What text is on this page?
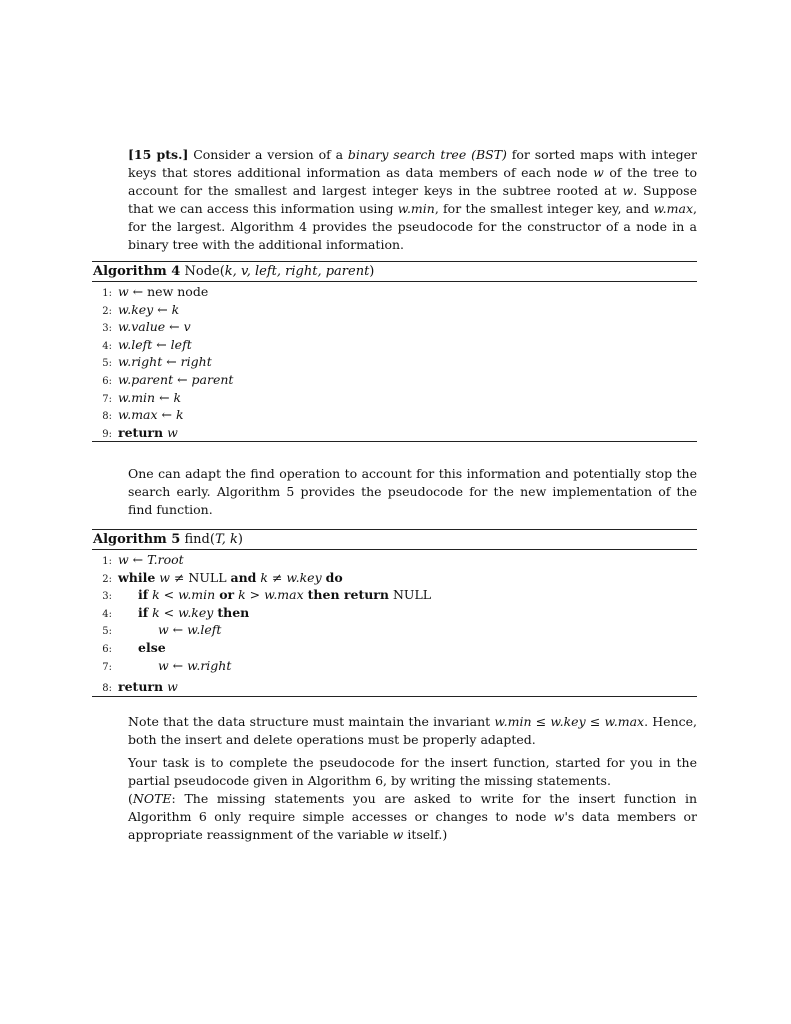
[15 pts.] Consider a version of a binary search tree (BST) for sorted maps with integer keys that stores additional information as data members of each node w of the tree to account for the smallest and largest integer keys in the subtree rooted at w. Suppose that we can access this information using w.min, for the smallest integer key, and w.max, for the largest. Algorithm 4 provides the pseudocode for the constructor of a node in a binary tree with the additional information.

Algorithm 4 Node(k, v, left, right, parent)
1: w ← new node
2: w.key ← k
3: w.value ← v
4: w.left ← left
5: w.right ← right
6: w.parent ← parent
7: w.min ← k
8: w.max ← k
9: return w

One can adapt the find operation to account for this information and potentially stop the search early. Algorithm 5 provides the pseudocode for the new implementation of the find function.

Algorithm 5 find(T, k)
1: w ← T.root
2: while w ≠ NULL and k ≠ w.key do
3: if k < w.min or k > w.max then return NULL
4: if k < w.key then
5:	w ← w.left
6: else
7:	w ← w.right
8: return w

Note that the data structure must maintain the invariant w.min ≤ w.key ≤ w.max. Hence, both the insert and delete operations must be properly adapted.

Your task is to complete the pseudocode for the insert function, started for you in the partial pseudocode given in Algorithm 6, by writing the missing statements.
(NOTE: The missing statements you are asked to write for the insert function in Algorithm 6 only require simple accesses or changes to node w's data members or appropriate reassignment of the variable w itself.)
